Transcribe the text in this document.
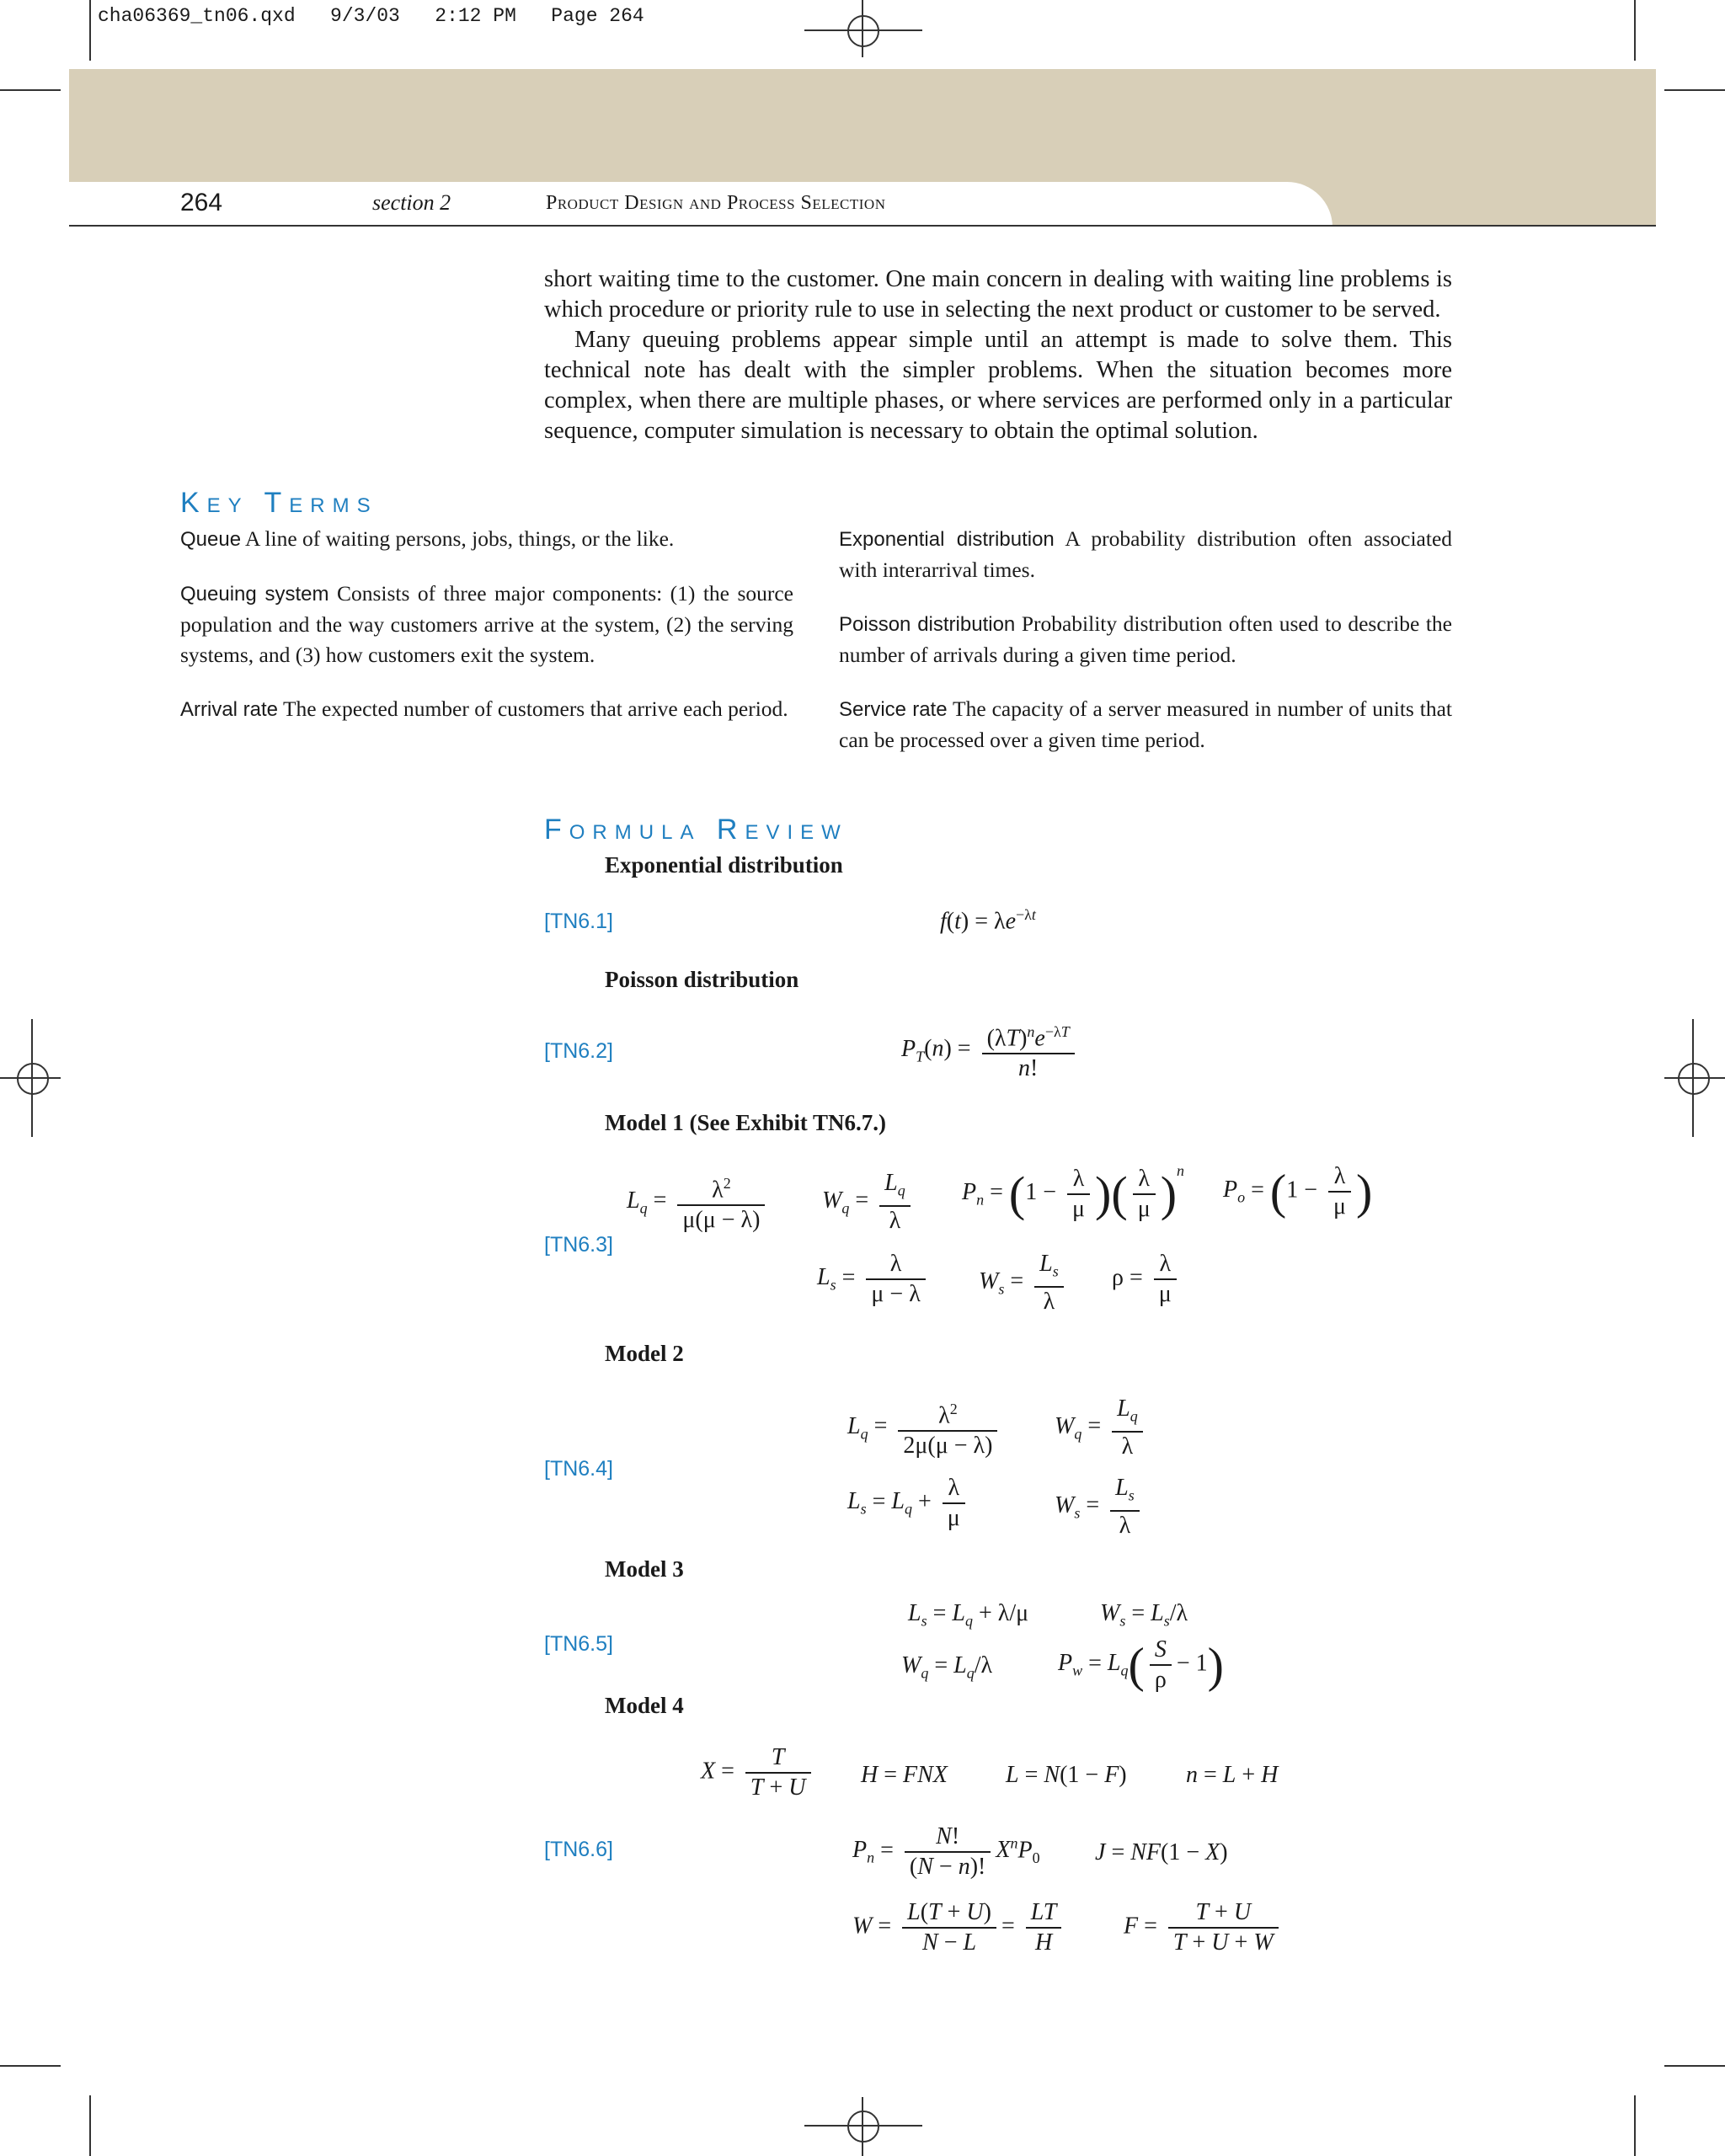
cha06369_tn06.qxd   9/3/03   2:12 PM   Page 264
264	section 2	Product Design and Process Selection
short waiting time to the customer. One main concern in dealing with waiting line problems is which procedure or priority rule to use in selecting the next product or customer to be served.
Many queuing problems appear simple until an attempt is made to solve them. This technical note has dealt with the simpler problems. When the situation becomes more complex, when there are multiple phases, or where services are performed only in a particular sequence, computer simulation is necessary to obtain the optimal solution.
Key Terms
Queue A line of waiting persons, jobs, things, or the like.
Queuing system Consists of three major components: (1) the source population and the way customers arrive at the system, (2) the serving systems, and (3) how customers exit the system.
Arrival rate The expected number of customers that arrive each period.
Exponential distribution A probability distribution often associated with interarrival times.
Poisson distribution Probability distribution often used to describe the number of arrivals during a given time period.
Service rate The capacity of a server measured in number of units that can be processed over a given time period.
Formula Review
Exponential distribution
[TN6.1]	$f(t) = \lambda e^{-\lambda t}$
Poisson distribution
[TN6.2]	$P_T(n) = \frac{(\lambda T)^ne^{-\lambda T}}{n!}$
Model 1 (See Exhibit TN6.7.)
[TN6.3]
$L_q = \frac{\lambda^2}{\mu(\mu - \lambda)} W_q = \frac{L_q}{\lambda} P_n = (1 - \frac{\lambda}{\mu}$ )( $\frac{\lambda}{\mu} )^n$
$P_o = (1 - \frac{\lambda}{\mu}$ )
$L_s = \frac{\lambda}{\mu - \lambda} W_s = \frac{L_s}{\lambda}$ $\rho = \frac{\lambda}{\mu}$
Model 2
[TN6.4]
$L_q = \frac{\lambda^2}{2\mu(\mu - \lambda)} W_q = \frac{L_q}{\lambda}$
$L_s = L_q + \frac{\lambda}{\mu}$	$W_s = \frac{L_s}{\lambda}$
Model 3
[TN6.5]
$L_s = L_q + \lambda/\mu$	$W_s = L_s/\lambda$
$W_q = L_q/\lambda$	$P_w = L_q( \frac{S}{\rho} - 1)$
Model 4
$X = \frac{T}{T + U}$ H = FNX L = N(1 − F)	n = L + H
[TN6.6]	$P_n = \frac{N!}{(N - n)!} X^nP_0$ J = NF(1 − X)
$W = \frac{L(T + U)}{N - L} = \frac{LT}{H}$	$F = \frac{T + U}{T + U + W}$
